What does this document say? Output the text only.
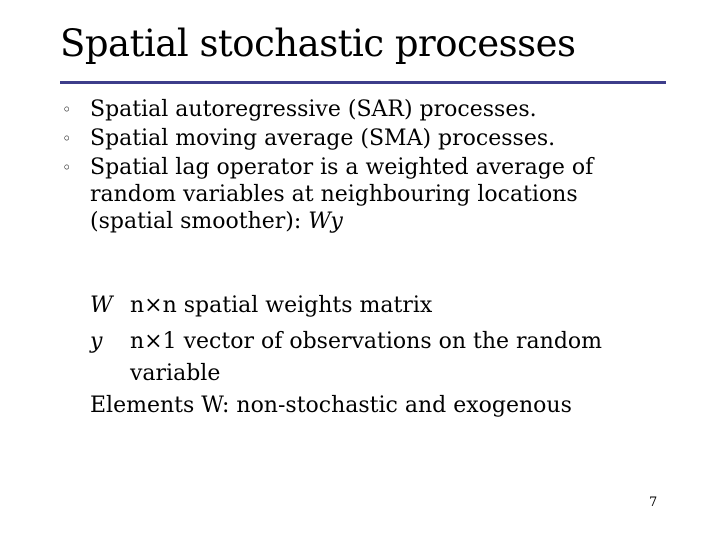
Spatial stochastic processes
◦ Spatial autoregressive (SAR) processes.
◦ Spatial moving average (SMA) processes.
◦ Spatial lag operator is a weighted average of
random variables at neighbouring locations
(spatial smoother): Wy
W n×n spatial weights matrix
y n×1 vector of observations on the random
variable
Elements W: non-stochastic and exogenous
7
